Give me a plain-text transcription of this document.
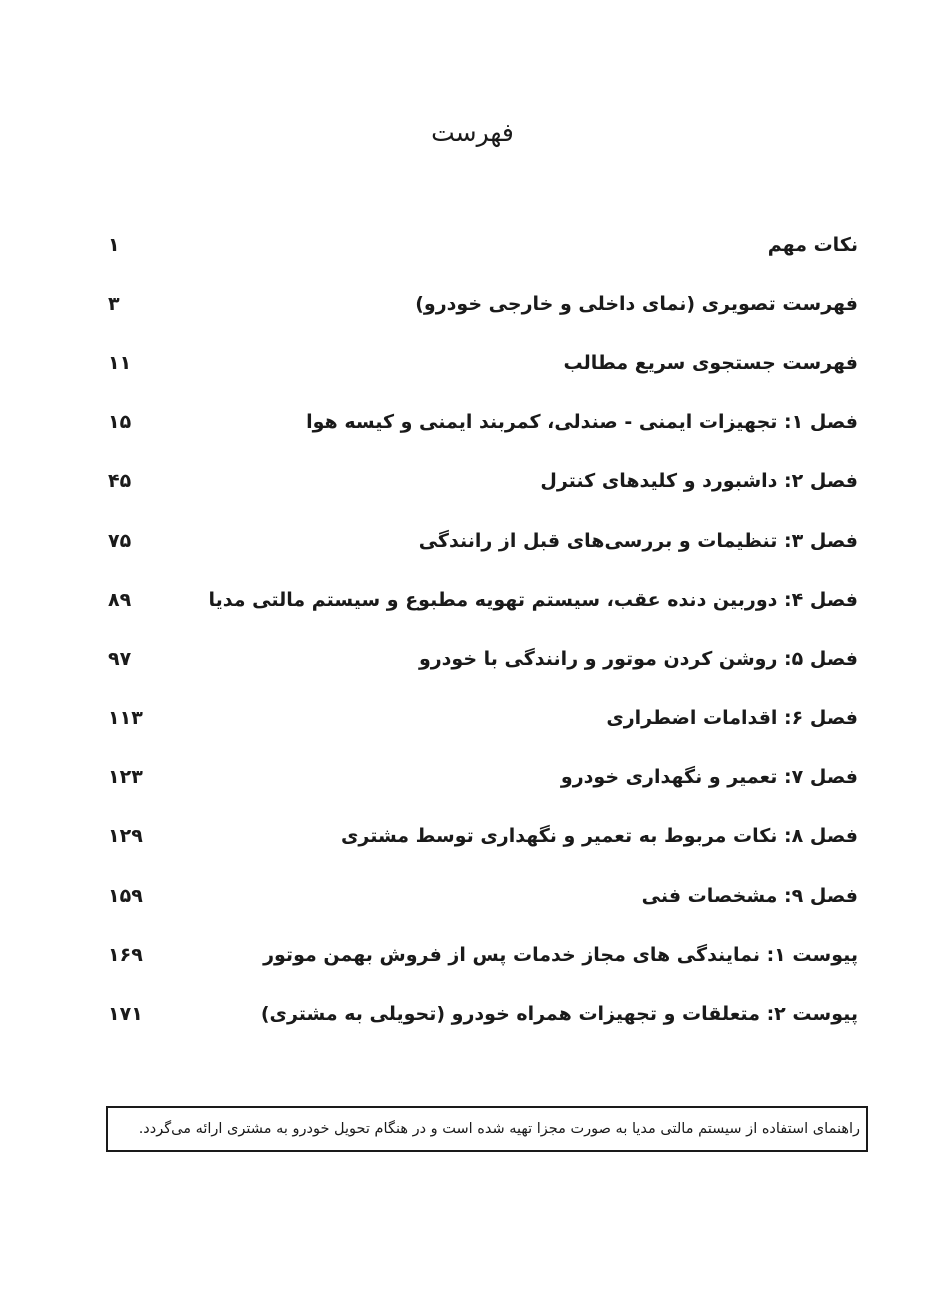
فهرست
نکات مهم
۱
فهرست تصویری (نمای داخلی و خارجی خودرو)
۳
فهرست جستجوی سریع مطالب
۱۱
فصل ۱: تجهیزات ایمنی - صندلی، کمربند ایمنی و کیسه هوا
۱۵
فصل ۲: داشبورد و کلیدهای کنترل
۴۵
فصل ۳: تنظیمات و بررسی‌های قبل از رانندگی
۷۵
فصل ۴: دوربین دنده عقب، سیستم تهویه مطبوع و سیستم مالتی مدیا
۸۹
فصل ۵: روشن کردن موتور و رانندگی با خودرو
۹۷
فصل ۶: اقدامات اضطراری
۱۱۳
فصل ۷: تعمیر و نگهداری خودرو
۱۲۳
فصل ۸: نکات مربوط به تعمیر و نگهداری توسط مشتری
۱۲۹
فصل ۹: مشخصات فنی
۱۵۹
پیوست ۱: نمایندگی های مجاز خدمات پس از فروش بهمن موتور
۱۶۹
پیوست ۲: متعلقات و تجهیزات همراه خودرو (تحویلی به مشتری)
۱۷۱
راهنمای استفاده از سیستم مالتی مدیا به صورت مجزا تهیه شده است و در هنگام تحویل خودرو به مشتری ارائه می‌گردد.
